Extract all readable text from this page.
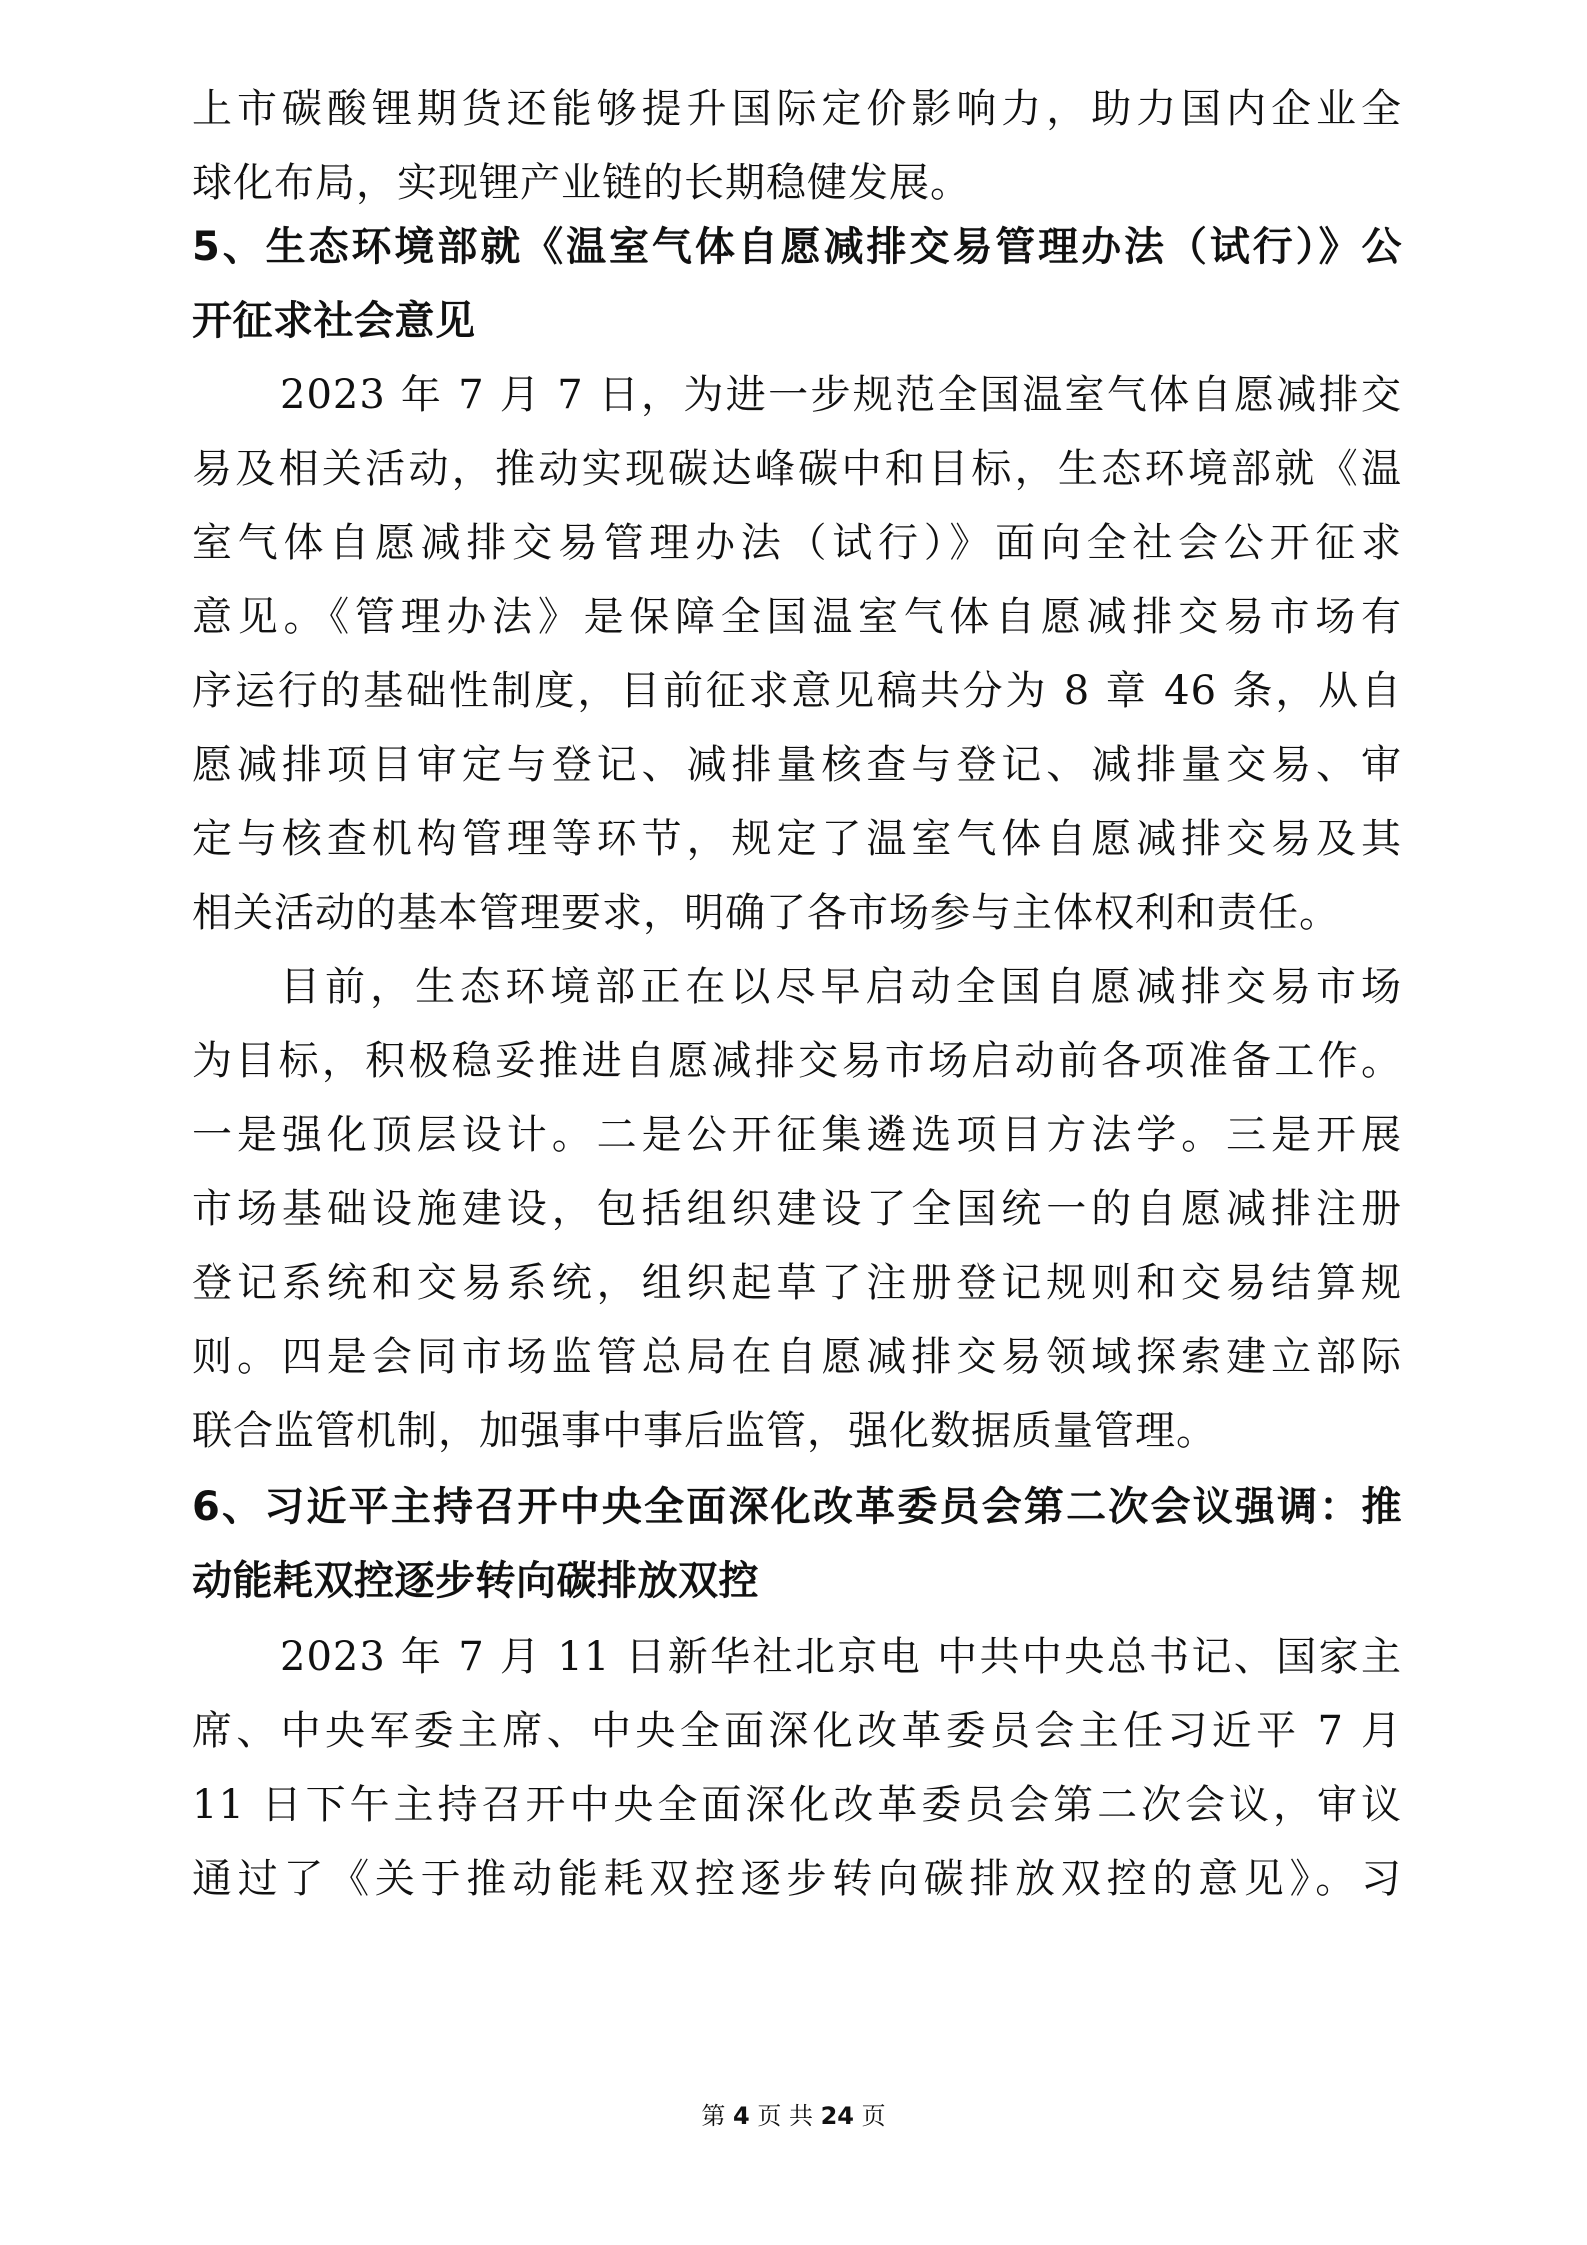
上市碳酸锂期货还能够提升国际定价影响力，助力国内企业全
球化布局，实现锂产业链的长期稳健发展。
5、生态环境部就《温室气体自愿减排交易管理办法（试行）》公
开征求社会意见
2023 年 7 月 7 日，为进一步规范全国温室气体自愿减排交
易及相关活动，推动实现碳达峰碳中和目标，生态环境部就《温
室气体自愿减排交易管理办法（试行）》面向全社会公开征求
意见。《管理办法》是保障全国温室气体自愿减排交易市场有
序运行的基础性制度，目前征求意见稿共分为 8 章 46 条，从自
愿减排项目审定与登记、减排量核查与登记、减排量交易、审
定与核查机构管理等环节，规定了温室气体自愿减排交易及其
相关活动的基本管理要求，明确了各市场参与主体权利和责任。
目前，生态环境部正在以尽早启动全国自愿减排交易市场
为目标，积极稳妥推进自愿减排交易市场启动前各项准备工作。
一是强化顶层设计。二是公开征集遴选项目方法学。三是开展
市场基础设施建设，包括组织建设了全国统一的自愿减排注册
登记系统和交易系统，组织起草了注册登记规则和交易结算规
则。四是会同市场监管总局在自愿减排交易领域探索建立部际
联合监管机制，加强事中事后监管，强化数据质量管理。
6、习近平主持召开中央全面深化改革委员会第二次会议强调：推
动能耗双控逐步转向碳排放双控
2023 年 7 月 11 日新华社北京电 中共中央总书记、国家主
席、中央军委主席、中央全面深化改革委员会主任习近平 7 月
11 日下午主持召开中央全面深化改革委员会第二次会议，审议
通过了《关于推动能耗双控逐步转向碳排放双控的意见》。习
第 4 页 共 24 页
